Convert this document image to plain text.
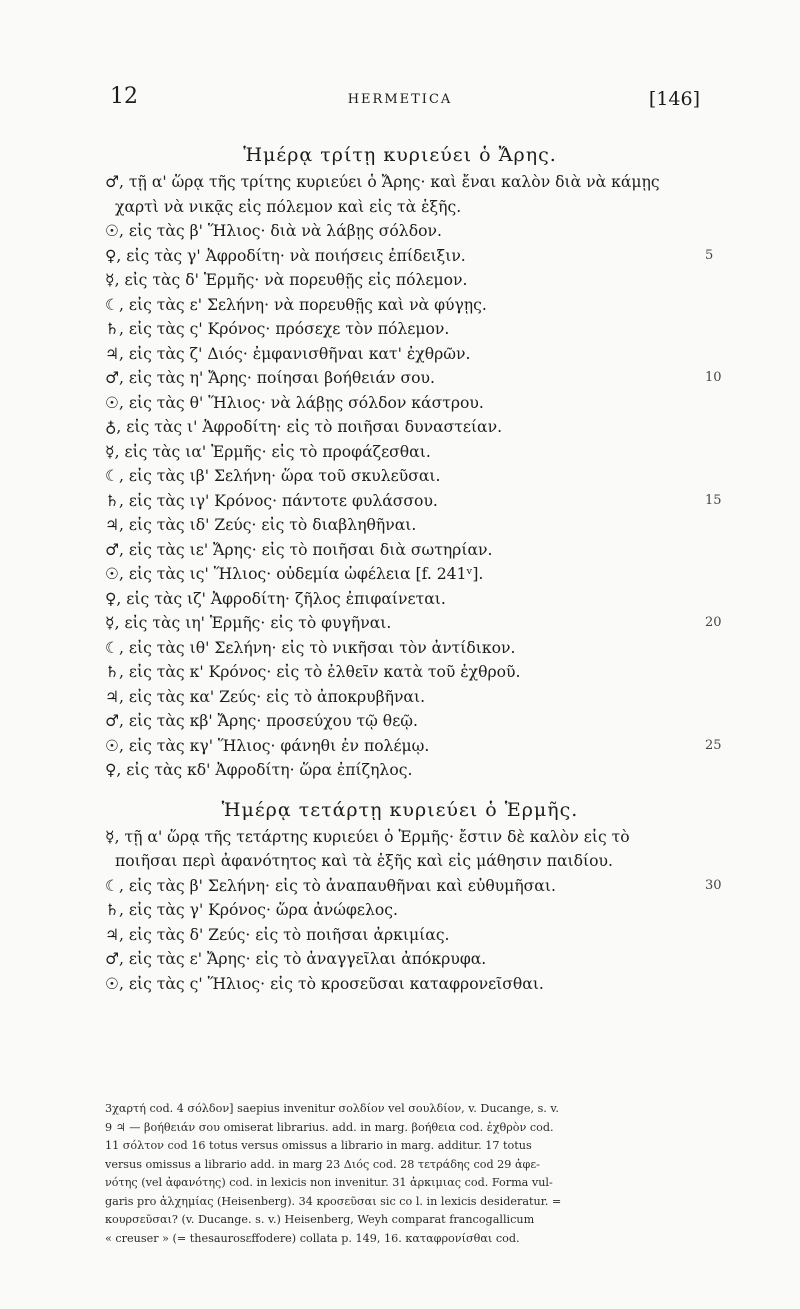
12	HERMETICA	[146]
Ἡμέρᾳ τρίτῃ κυριεύει ὁ Ἄρης.
♂, τῇ α' ὥρᾳ τῆς τρίτης κυριεύει ὁ Ἄρης· καὶ ἔναι καλὸν διὰ νὰ κάμῃς
χαρτὶ νὰ νικᾷς εἰς πόλεμον καὶ εἰς τὰ ἑξῆς.
☉, εἰς τὰς β' Ἥλιος· διὰ νὰ λάβῃς σόλδον.
♀, εἰς τὰς γ' Ἀφροδίτη· νὰ ποιήσεις ἐπίδειξιν.	5
☿, εἰς τὰς δ' Ἑρμῆς· νὰ πορευθῇς εἰς πόλεμον.
☾, εἰς τὰς ε' Σελήνη· νὰ πορευθῇς καὶ νὰ φύγῃς.
♄, εἰς τὰς ς' Κρόνος· πρόσεχε τὸν πόλεμον.
♃, εἰς τὰς ζ' Διός· ἐμφανισθῆναι κατ' ἐχθρῶν.
♂, εἰς τὰς η' Ἄρης· ποίησαι βοήθειάν σου.	10
☉, εἰς τὰς θ' Ἥλιος· νὰ λάβῃς σόλδον κάστρου.
♁, εἰς τὰς ι' Ἀφροδίτη· εἰς τὸ ποιῆσαι δυναστείαν.
☿, εἰς τὰς ια' Ἑρμῆς· εἰς τὸ προφάζεσθαι.
☾, εἰς τὰς ιβ' Σελήνη· ὥρα τοῦ σκυλεῦσαι.
♄, εἰς τὰς ιγ' Κρόνος· πάντοτε φυλάσσου.	15
♃, εἰς τὰς ιδ' Ζεύς· εἰς τὸ διαβληθῆναι.
♂, εἰς τὰς ιε' Ἄρης· εἰς τὸ ποιῆσαι διὰ σωτηρίαν.
☉, εἰς τὰς ις' Ἥλιος· οὐδεμία ὠφέλεια [f. 241ᵛ].
♀, εἰς τὰς ιζ' Ἀφροδίτη· ζῆλος ἐπιφαίνεται.
☿, εἰς τὰς ιη' Ἑρμῆς· εἰς τὸ φυγῆναι.	20
☾, εἰς τὰς ιθ' Σελήνη· εἰς τὸ νικῆσαι τὸν ἀντίδικον.
♄, εἰς τὰς κ' Κρόνος· εἰς τὸ ἐλθεῖν κατὰ τοῦ ἐχθροῦ.
♃, εἰς τὰς κα' Ζεύς· εἰς τὸ ἀποκρυβῆναι.
♂, εἰς τὰς κβ' Ἄρης· προσεύχου τῷ θεῷ.
☉, εἰς τὰς κγ' Ἥλιος· φάνηθι ἐν πολέμῳ.	25
♀, εἰς τὰς κδ' Ἀφροδίτη· ὥρα ἐπίζηλος.
Ἡμέρᾳ τετάρτῃ κυριεύει ὁ Ἑρμῆς.
☿, τῇ α' ὥρᾳ τῆς τετάρτης κυριεύει ὁ Ἑρμῆς· ἔστιν δὲ καλὸν εἰς τὸ
ποιῆσαι περὶ ἀφανότητος καὶ τὰ ἑξῆς καὶ εἰς μάθησιν παιδίου.
☾, εἰς τὰς β' Σελήνη· εἰς τὸ ἀναπαυθῆναι καὶ εὐθυμῆσαι.	30
♄, εἰς τὰς γ' Κρόνος· ὥρα ἀνώφελος.
♃, εἰς τὰς δ' Ζεύς· εἰς τὸ ποιῆσαι ἀρκιμίας.
♂, εἰς τὰς ε' Ἄρης· εἰς τὸ ἀναγγεῖλαι ἀπόκρυφα.
☉, εἰς τὰς ς' Ἥλιος· εἰς τὸ κροσεῦσαι καταφρονεῖσθαι.
3χαρτή cod. 4 σόλδον] saepius invenitur σολδίον vel σουλδίον, v. Ducange, s. v.
9 ♃ — βοήθειάν σου omiserat librarius. add. in marg. βοήθεια cod. ἐχθρὸν cod.
11 σόλτον cod 16 totus versus omissus a librario in marg. additur. 17 totus
versus omissus a librario add. in marg 23 Διός cod. 28 τετράδης cod 29 ἀφε-
νότης (vel ἀφανότης) cod. in lexicis non invenitur. 31 ἀρκιμιας cod. Forma vul-
garis pro ἀλχημίας (Heisenberg). 34 κροσεῦσαι sic co l. in lexicis desideratur. =
κουρσεῦσαι? (v. Ducange. s. v.) Heisenberg, Weyh comparat francogallicum
« creuser » (= thesaurosεffodere) collata p. 149, 16. καταφρονίσθαι cod.
